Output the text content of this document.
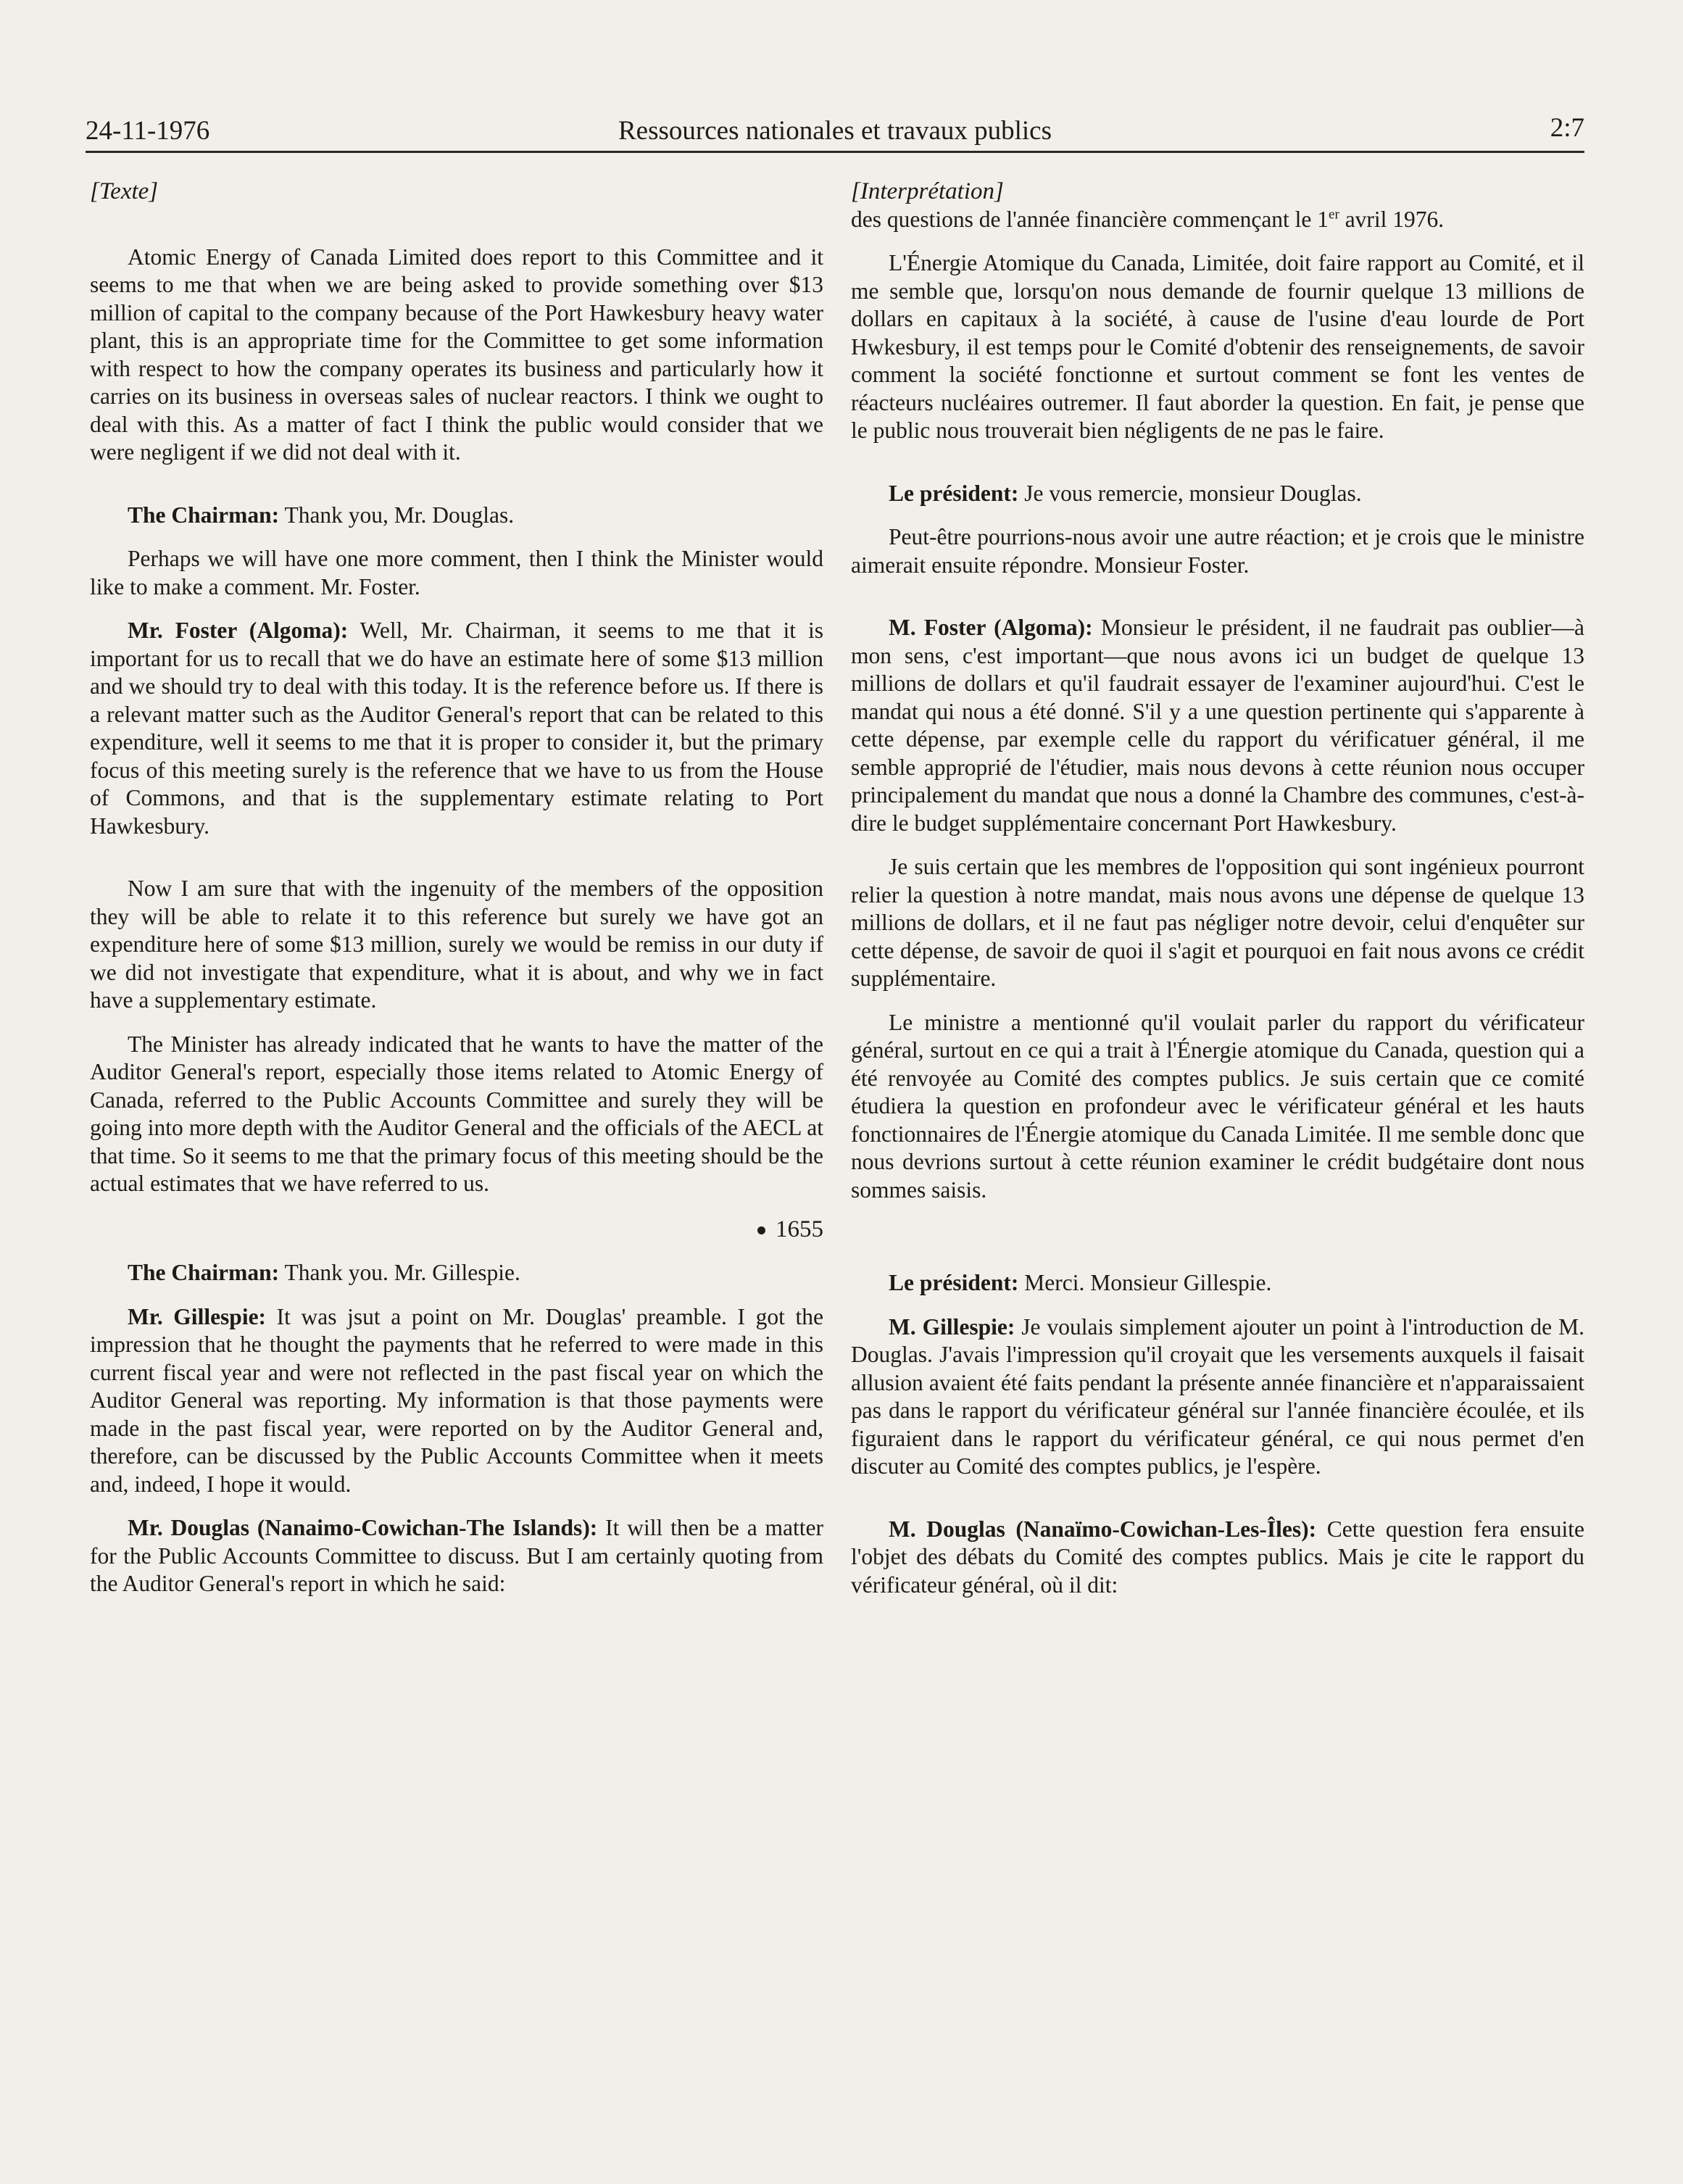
24-11-1976	Ressources nationales et travaux publics	2:7
[Texte]

Atomic Energy of Canada Limited does report to this Committee and it seems to me that when we are being asked to provide something over $13 million of capital to the company because of the Port Hawkesbury heavy water plant, this is an appropriate time for the Committee to get some information with respect to how the company operates its business and particularly how it carries on its business in overseas sales of nuclear reactors. I think we ought to deal with this. As a matter of fact I think the public would consider that we were negligent if we did not deal with it.

The Chairman: Thank you, Mr. Douglas.

Perhaps we will have one more comment, then I think the Minister would like to make a comment. Mr. Foster.

Mr. Foster (Algoma): Well, Mr. Chairman, it seems to me that it is important for us to recall that we do have an estimate here of some $13 million and we should try to deal with this today. It is the reference before us. If there is a relevant matter such as the Auditor General's report that can be related to this expenditure, well it seems to me that it is proper to consider it, but the primary focus of this meeting surely is the reference that we have to us from the House of Commons, and that is the supplementary estimate relating to Port Hawkesbury.

Now I am sure that with the ingenuity of the members of the opposition they will be able to relate it to this reference but surely we have got an expenditure here of some $13 million, surely we would be remiss in our duty if we did not investigate that expenditure, what it is about, and why we in fact have a supplementary estimate.

The Minister has already indicated that he wants to have the matter of the Auditor General's report, especially those items related to Atomic Energy of Canada, referred to the Public Accounts Committee and surely they will be going into more depth with the Auditor General and the officials of the AECL at that time. So it seems to me that the primary focus of this meeting should be the actual estimates that we have referred to us.

1655

The Chairman: Thank you. Mr. Gillespie.

Mr. Gillespie: It was jsut a point on Mr. Douglas' preamble. I got the impression that he thought the payments that he referred to were made in this current fiscal year and were not reflected in the past fiscal year on which the Auditor General was reporting. My information is that those payments were made in the past fiscal year, were reported on by the Auditor General and, therefore, can be discussed by the Public Accounts Committee when it meets and, indeed, I hope it would.

Mr. Douglas (Nanaimo-Cowichan-The Islands): It will then be a matter for the Public Accounts Committee to discuss. But I am certainly quoting from the Auditor General's report in which he said:

[Interprétation]

des questions de l'année financière commençant le 1er avril 1976.

L'Énergie Atomique du Canada, Limitée, doit faire rapport au Comité, et il me semble que, lorsqu'on nous demande de fournir quelque 13 millions de dollars en capitaux à la société, à cause de l'usine d'eau lourde de Port Hwkesbury, il est temps pour le Comité d'obtenir des renseignements, de savoir comment la société fonctionne et surtout comment se font les ventes de réacteurs nucléaires outremer. Il faut aborder la question. En fait, je pense que le public nous trouverait bien négligents de ne pas le faire.

Le président: Je vous remercie, monsieur Douglas.

Peut-être pourrions-nous avoir une autre réaction; et je crois que le ministre aimerait ensuite répondre. Monsieur Foster.

M. Foster (Algoma): Monsieur le président, il ne faudrait pas oublier—à mon sens, c'est important—que nous avons ici un budget de quelque 13 millions de dollars et qu'il faudrait essayer de l'examiner aujourd'hui. C'est le mandat qui nous a été donné. S'il y a une question pertinente qui s'apparente à cette dépense, par exemple celle du rapport du vérificatuer général, il me semble approprié de l'étudier, mais nous devons à cette réunion nous occuper principalement du mandat que nous a donné la Chambre des communes, c'est-à-dire le budget supplémentaire concernant Port Hawkesbury.

Je suis certain que les membres de l'opposition qui sont ingénieux pourront relier la question à notre mandat, mais nous avons une dépense de quelque 13 millions de dollars, et il ne faut pas négliger notre devoir, celui d'enquêter sur cette dépense, de savoir de quoi il s'agit et pourquoi en fait nous avons ce crédit supplémentaire.

Le ministre a mentionné qu'il voulait parler du rapport du vérificateur général, surtout en ce qui a trait à l'Énergie atomique du Canada, question qui a été renvoyée au Comité des comptes publics. Je suis certain que ce comité étudiera la question en profondeur avec le vérificateur général et les hauts fonctionnaires de l'Énergie atomique du Canada Limitée. Il me semble donc que nous devrions surtout à cette réunion examiner le crédit budgétaire dont nous sommes saisis.

Le président: Merci. Monsieur Gillespie.

M. Gillespie: Je voulais simplement ajouter un point à l'introduction de M. Douglas. J'avais l'impression qu'il croyait que les versements auxquels il faisait allusion avaient été faits pendant la présente année financière et n'apparaissaient pas dans le rapport du vérificateur général sur l'année financière écoulée, et ils figuraient dans le rapport du vérificateur général, ce qui nous permet d'en discuter au Comité des comptes publics, je l'espère.

M. Douglas (Nanaïmo-Cowichan-Les-Îles): Cette question fera ensuite l'objet des débats du Comité des comptes publics. Mais je cite le rapport du vérificateur général, où il dit:
